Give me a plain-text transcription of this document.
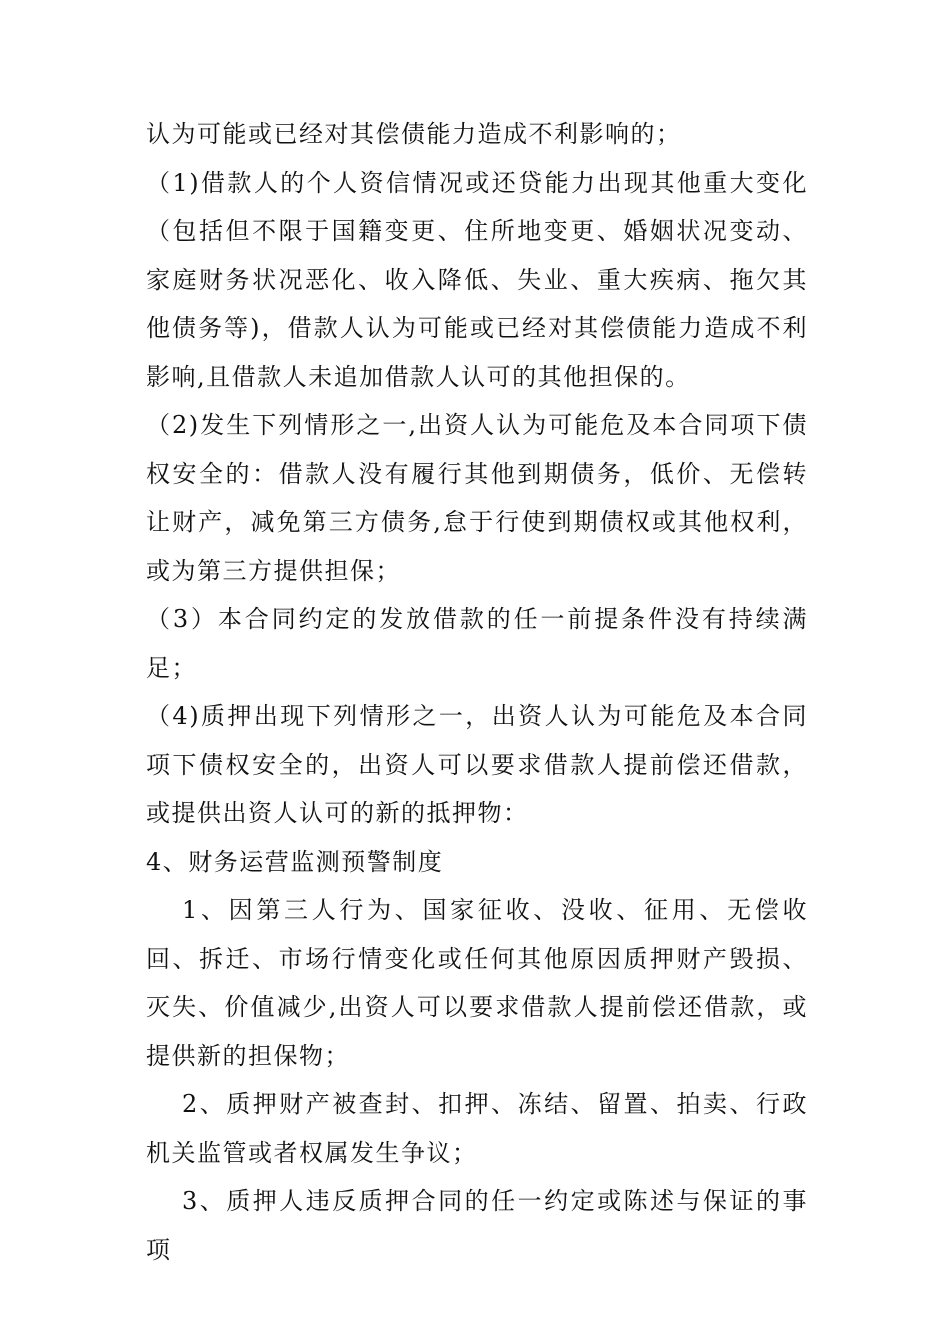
认为可能或已经对其偿债能力造成不利影响的；

（1)借款人的个人资信情况或还贷能力出现其他重大变化（包括但不限于国籍变更、住所地变更、婚姻状况变动、家庭财务状况恶化、收入降低、失业、重大疾病、拖欠其他债务等)，借款人认为可能或已经对其偿债能力造成不利影响,且借款人未追加借款人认可的其他担保的。

（2)发生下列情形之一,出资人认为可能危及本合同项下债权安全的：借款人没有履行其他到期债务，低价、无偿转让财产，减免第三方债务,怠于行使到期债权或其他权利，或为第三方提供担保；

（3）本合同约定的发放借款的任一前提条件没有持续满足；

（4)质押出现下列情形之一，出资人认为可能危及本合同项下债权安全的，出资人可以要求借款人提前偿还借款，或提供出资人认可的新的抵押物：

4、财务运营监测预警制度

1、因第三人行为、国家征收、没收、征用、无偿收回、拆迁、市场行情变化或任何其他原因质押财产毁损、灭失、价值减少,出资人可以要求借款人提前偿还借款，或提供新的担保物；

2、质押财产被查封、扣押、冻结、留置、拍卖、行政机关监管或者权属发生争议；

3、质押人违反质押合同的任一约定或陈述与保证的事项
